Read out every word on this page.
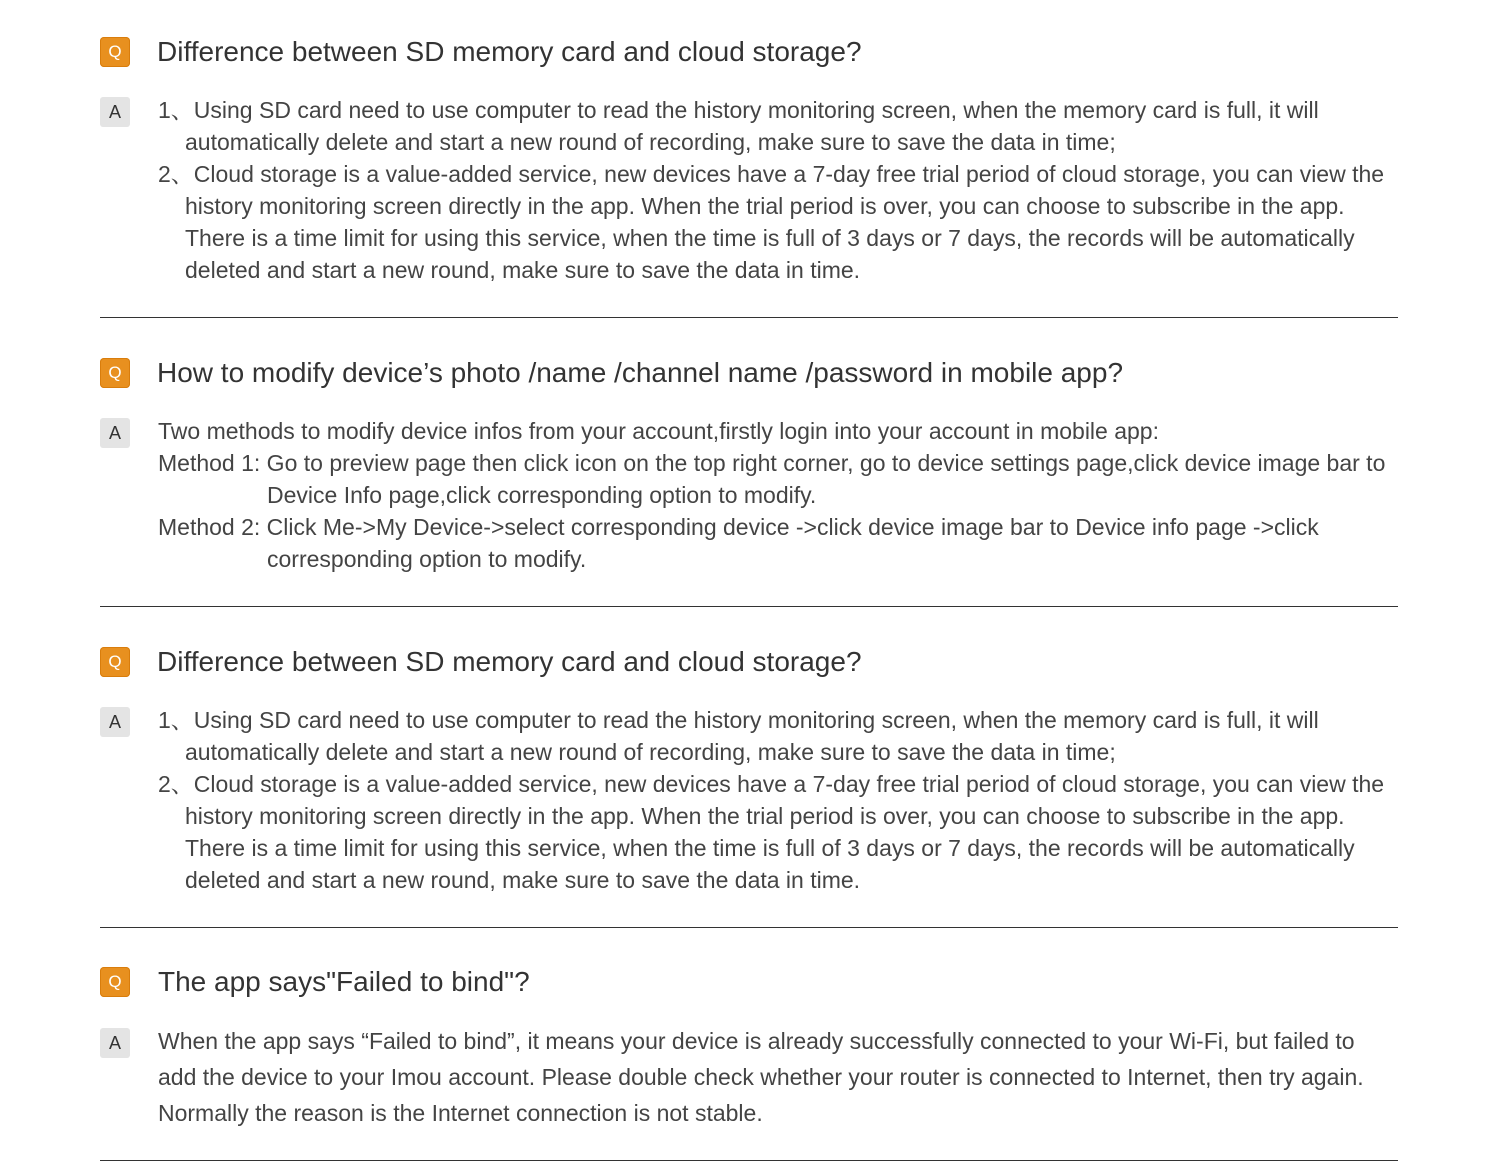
Q Difference between SD memory card and cloud storage?
A	1、Using SD card need to use computer to read the history monitoring screen, when the memory card is full, it will automatically delete and start a new round of recording, make sure to save the data in time;
2、Cloud storage is a value-added service, new devices have a 7-day free trial period of cloud storage, you can view the history monitoring screen directly in the app. When the trial period is over, you can choose to subscribe in the app. There is a time limit for using this service, when the time is full of 3 days or 7 days, the records will be automatically deleted and start a new round, make sure to save the data in time.
Q How to modify device’s photo /name /channel name /password in mobile app?
A	Two methods to modify device infos from your account,firstly login into your account in mobile app:
Method 1: Go to preview page then click icon on the top right corner, go to device settings page,click device image bar to Device Info page,click corresponding option to modify.
Method 2: Click Me->My Device->select corresponding device ->click device image bar to Device info page ->click corresponding option to modify.
Q Difference between SD memory card and cloud storage?
A	1、Using SD card need to use computer to read the history monitoring screen, when the memory card is full, it will automatically delete and start a new round of recording, make sure to save the data in time;
2、Cloud storage is a value-added service, new devices have a 7-day free trial period of cloud storage, you can view the history monitoring screen directly in the app. When the trial period is over, you can choose to subscribe in the app. There is a time limit for using this service, when the time is full of 3 days or 7 days, the records will be automatically deleted and start a new round, make sure to save the data in time.
Q The app says"Failed to bind"?
A	When the app says “Failed to bind”, it means your device is already successfully connected to your Wi-Fi, but failed to add the device to your Imou account. Please double check whether your router is connected to Internet, then try again. Normally the reason is the Internet connection is not stable.
